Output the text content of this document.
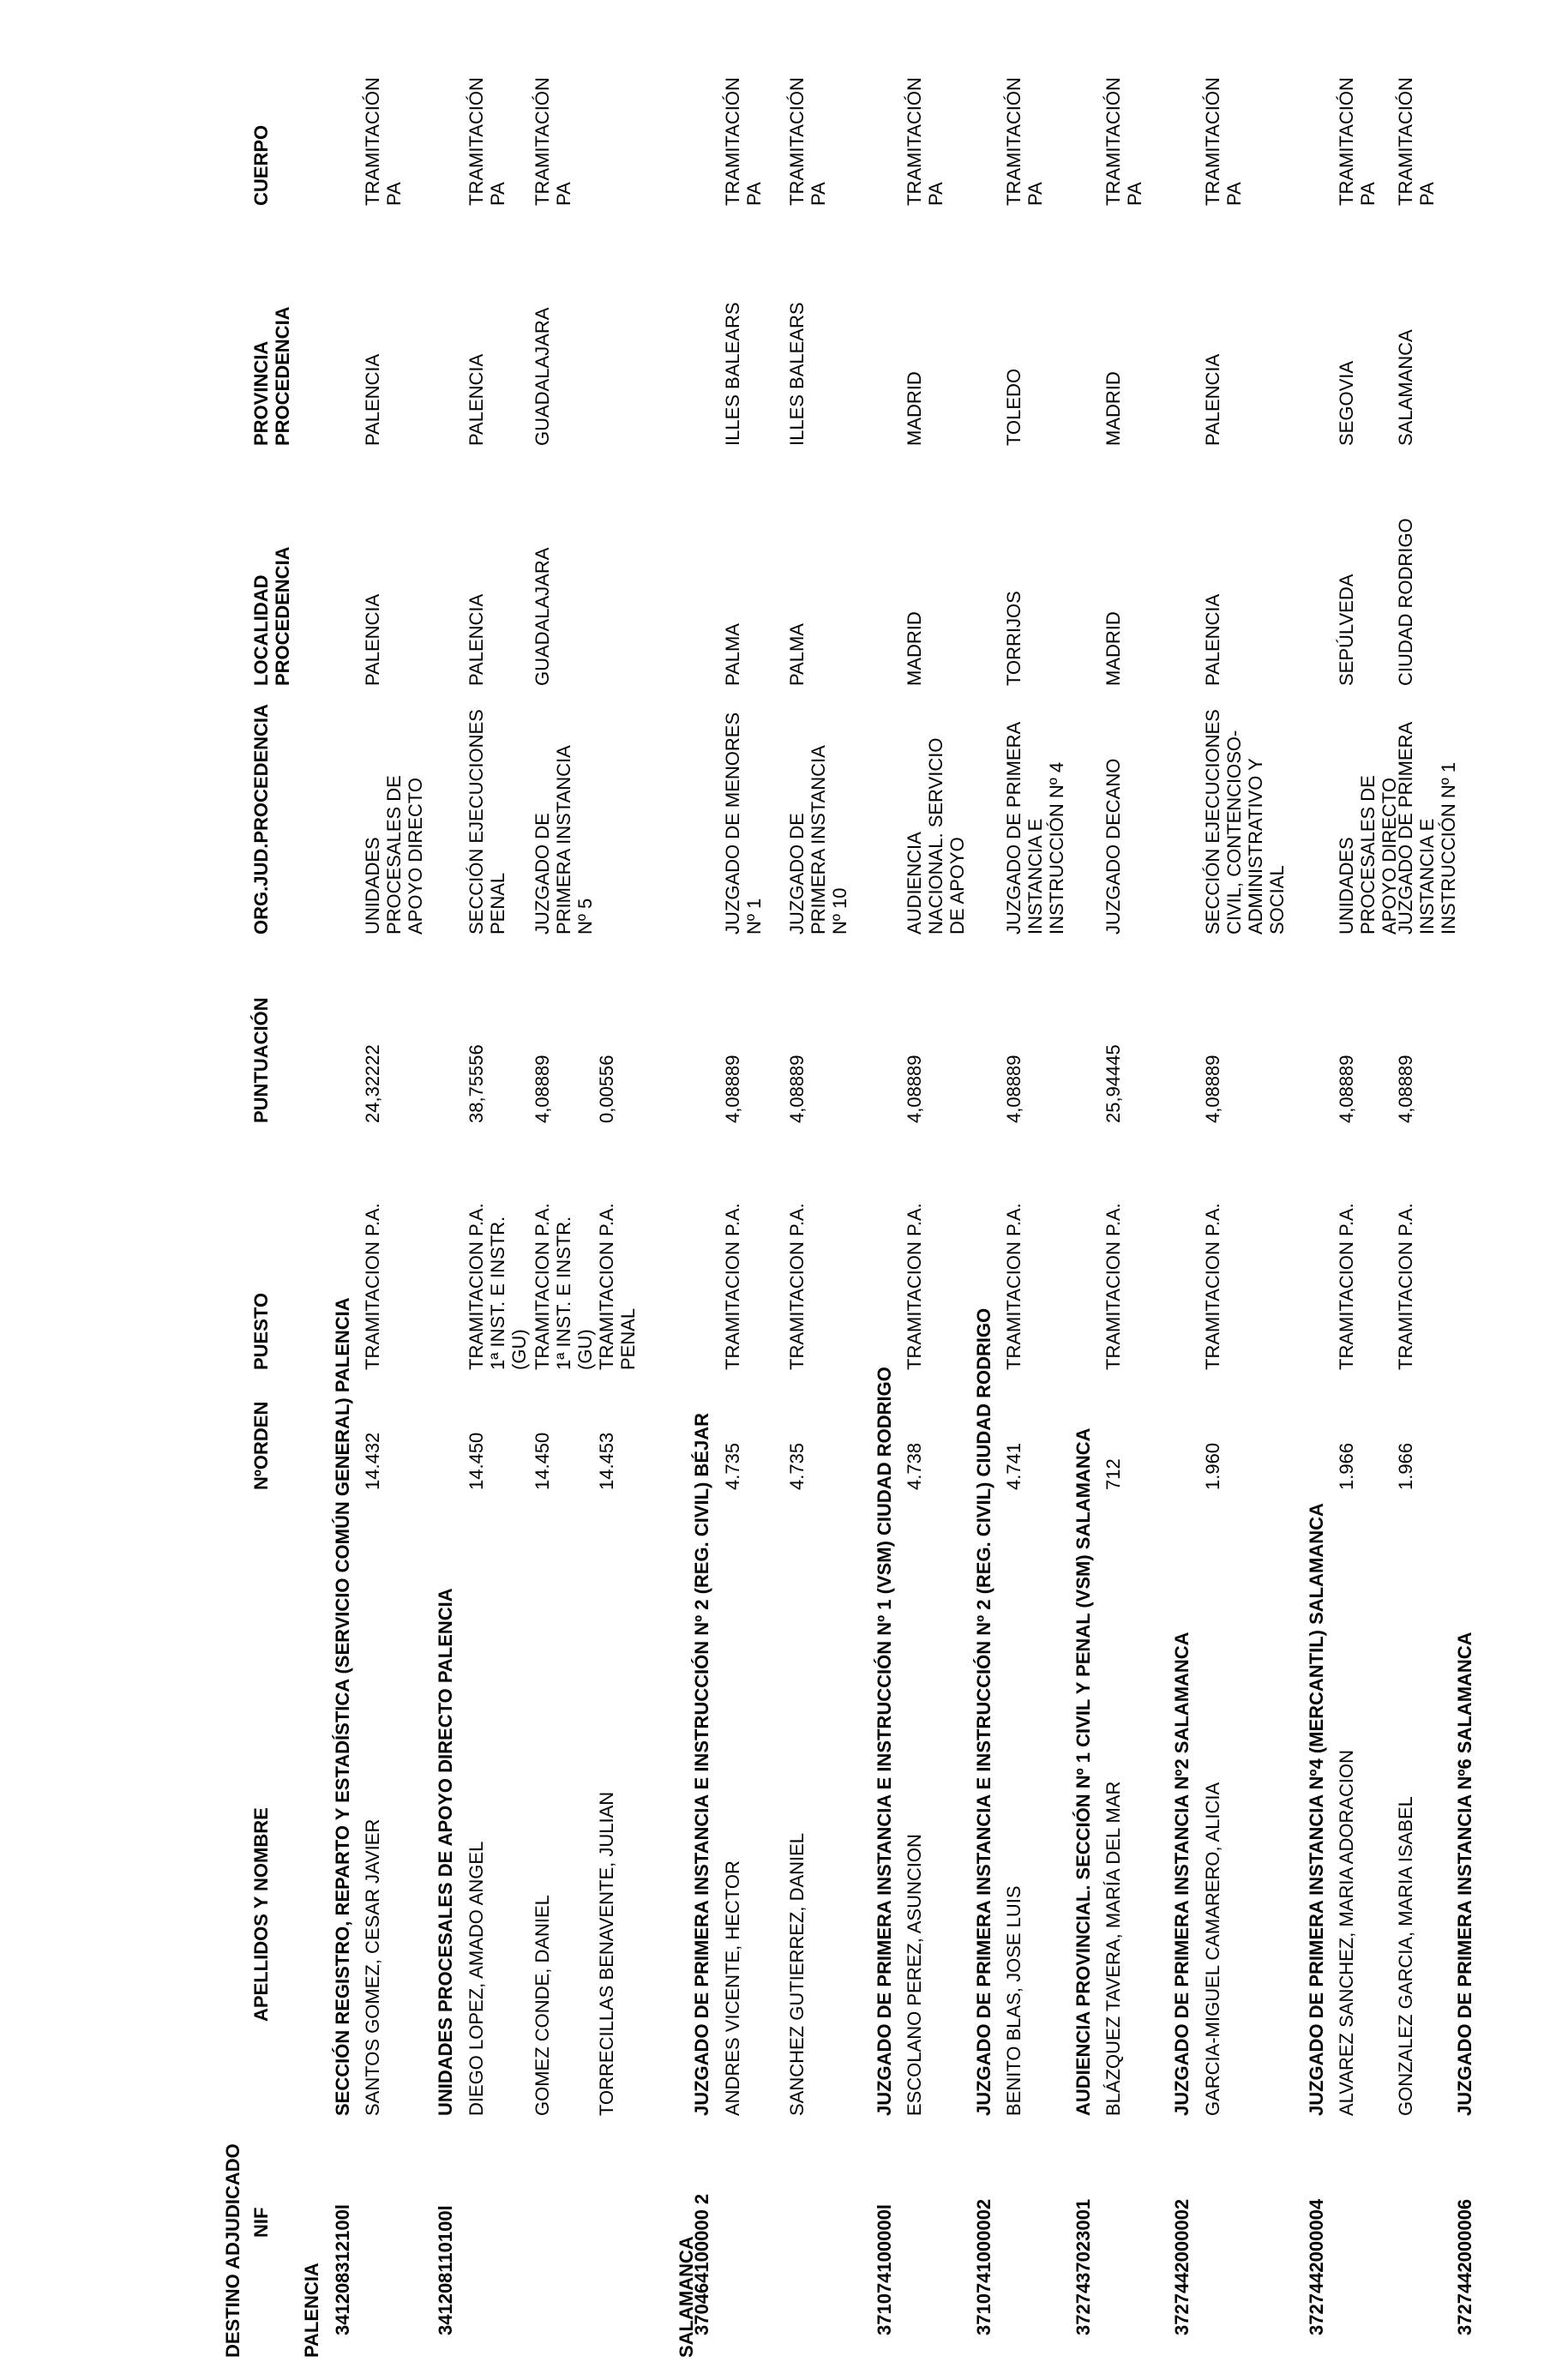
DESTINO ADJUDICADO NIF
APELLIDOS Y NOMBRE
NºORDEN
PUESTO
PUNTUACIÓN
ORG.JUD.PROCEDENCIA
LOCALIDAD PROCEDENCIA
PROVINCIA PROCEDENCIA
CUERPO
PALENCIA	SALAMANCA
341208312100l
SECCIÓN REGISTRO, REPARTO Y ESTADÍSTICA (SERVICIO COMÚN GENERAL) PALENCIA
341208110100l
UNIDADES PROCESALES DE APOYO DIRECTO PALENCIA
370464100000 2
JUZGADO DE PRIMERA INSTANCIA E INSTRUCCIÓN Nº 2 (REG. CIVIL) BÉJAR
371074100000l
JUZGADO DE PRIMERA INSTANCIA E INSTRUCCIÓN Nº 1 (VSM) CIUDAD RODRIGO
3710741000002
JUZGADO DE PRIMERA INSTANCIA E INSTRUCCIÓN Nº 2 (REG. CIVIL) CIUDAD RODRIGO
3727437023001
AUDIENCIA PROVINCIAL. SECCIÓN Nº 1 CIVIL Y PENAL (VSM) SALAMANCA
3727442000002
JUZGADO DE PRIMERA INSTANCIA Nº2 SALAMANCA
3727442000004
JUZGADO DE PRIMERA INSTANCIA Nº4 (MERCANTIL) SALAMANCA
3727442000006
JUZGADO DE PRIMERA INSTANCIA Nº6 SALAMANCA
SANTOS GOMEZ, CESAR JAVIER
14.432
TRAMITACION P.A.
24,32222
UNIDADES PROCESALES DE APOYO DIRECTO
PALENCIA
PALENCIA
TRAMITACIÓN PA
DIEGO LOPEZ, AMADO ANGEL
14.450
TRAMITACION P.A. 1ª INST. E INSTR. (GU)
38,75556
SECCIÓN EJECUCIONES PENAL
PALENCIA
PALENCIA
TRAMITACIÓN PA
GOMEZ CONDE, DANIEL
14.450
TRAMITACION P.A. 1ª INST. E INSTR. (GU)
4,08889
JUZGADO DE PRIMERA INSTANCIA Nº 5
GUADALAJARA
GUADALAJARA
TRAMITACIÓN PA
TORRECILLAS BENAVENTE, JULIAN
14.453
TRAMITACION P.A. PENAL
0,00556
ANDRES VICENTE, HECTOR
4.735
TRAMITACION P.A.
4,08889
JUZGADO DE MENORES Nº 1
PALMA
ILLES BALEARS
TRAMITACIÓN PA
SANCHEZ GUTIERREZ, DANIEL
4.735
TRAMITACION P.A.
4,08889
JUZGADO DE PRIMERA INSTANCIA Nº 10
PALMA
ILLES BALEARS
TRAMITACIÓN PA
ESCOLANO PEREZ, ASUNCION
4.738
TRAMITACION P.A.
4,08889
AUDIENCIA NACIONAL. SERVICIO DE APOYO
MADRID
MADRID
TRAMITACIÓN PA
BENITO BLAS, JOSE LUIS
4.741
TRAMITACION P.A.
4,08889
JUZGADO DE PRIMERA INSTANCIA E INSTRUCCIÓN Nº 4
TORRIJOS
TOLEDO
TRAMITACIÓN PA
BLÁZQUEZ TAVERA, MARÍA DEL MAR
712
TRAMITACION P.A.
25,94445
JUZGADO DECANO
MADRID
MADRID
TRAMITACIÓN PA
GARCIA-MIGUEL CAMARERO, ALICIA
1.960
TRAMITACION P.A.
4,08889
SECCIÓN EJECUCIONES CIVIL, CONTENCIOSO-ADMINISTRATIVO Y SOCIAL
PALENCIA
PALENCIA
TRAMITACIÓN PA
ALVAREZ SANCHEZ, MARIA ADORACION
1.966
TRAMITACION P.A.
4,08889
UNIDADES PROCESALES DE APOYO DIRECTO
SEPÚLVEDA
SEGOVIA
TRAMITACIÓN PA
GONZALEZ GARCIA, MARIA ISABEL
1.966
TRAMITACION P.A.
4,08889
JUZGADO DE PRIMERA INSTANCIA E INSTRUCCIÓN Nº 1
CIUDAD RODRIGO
SALAMANCA
TRAMITACIÓN PA
